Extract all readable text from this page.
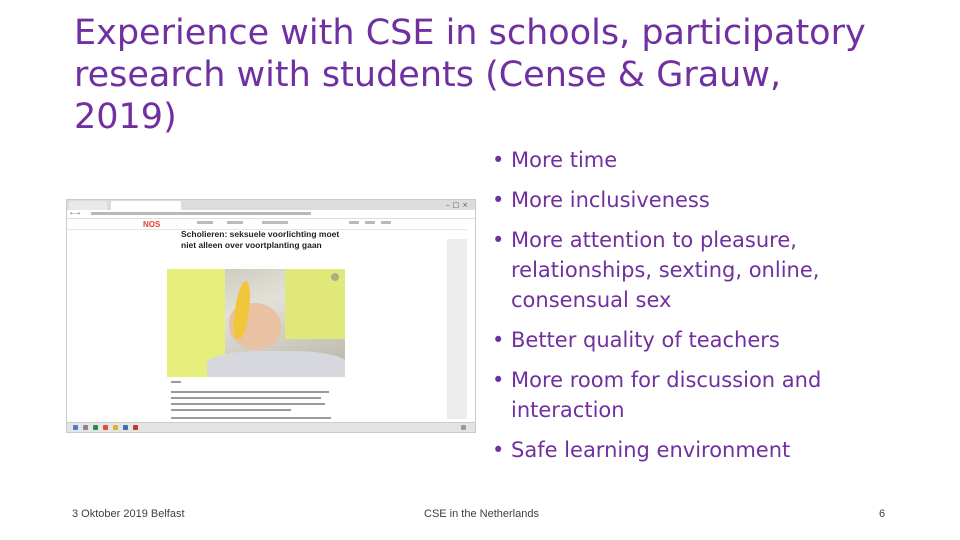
Experience with CSE in schools, participatory research with students (Cense & Grauw, 2019)
–□×
←→
NOS
Scholieren: seksuele voorlichting moet niet alleen over voortplanting gaan
• More time
• More inclusiveness
• More attention to pleasure, relationships, sexting, online, consensual sex
• Better quality of teachers
• More room for discussion and interaction
• Safe learning environment
3 Oktober 2019 Belfast	CSE in the Netherlands	6
